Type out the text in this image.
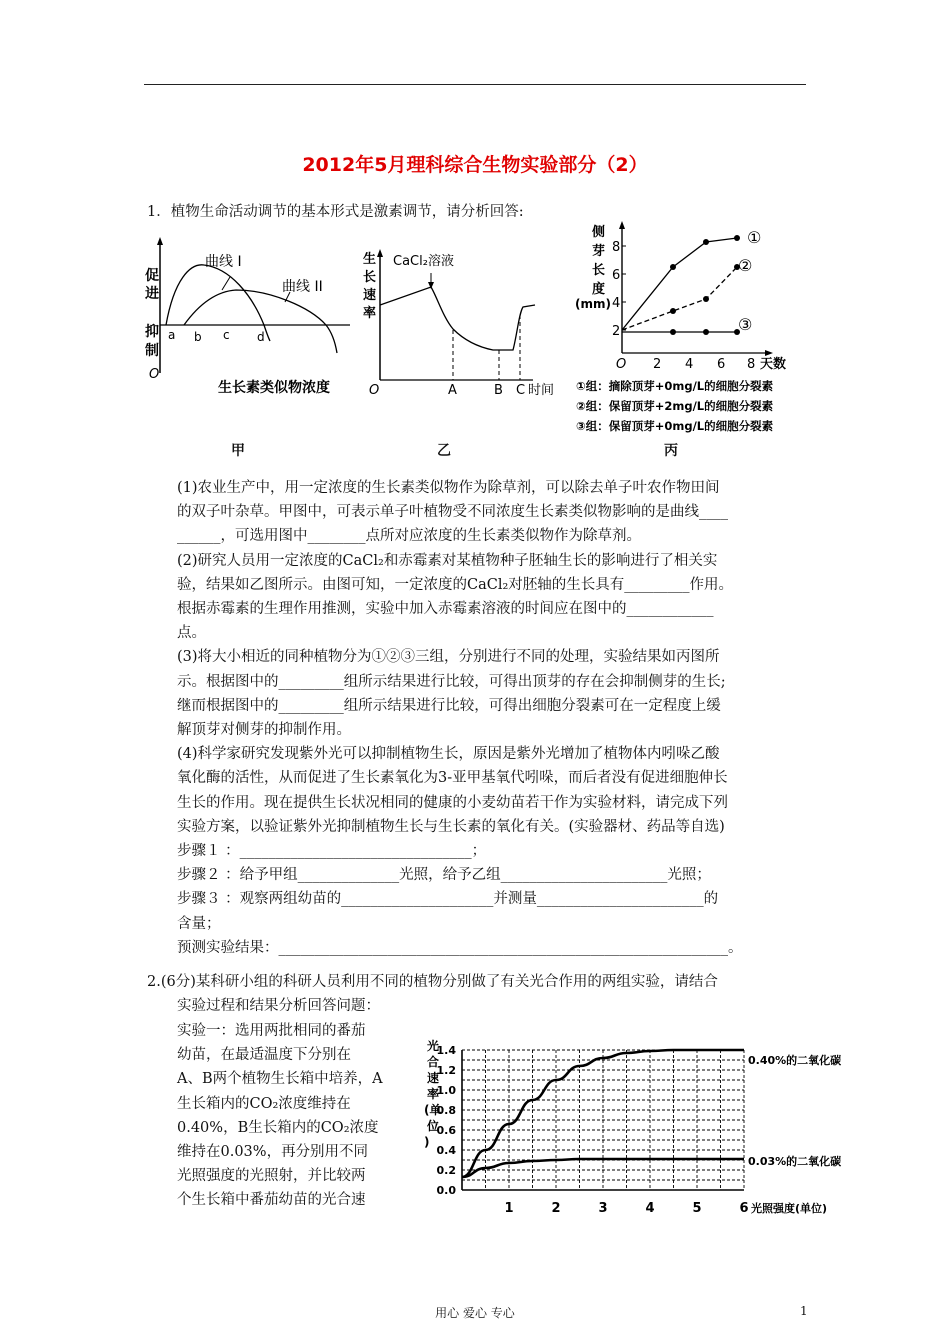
2012年5月理科综合生物实验部分（2）
1．植物生命活动调节的基本形式是激素调节，请分析回答:
曲线 I
曲线 II
促
进
抑
制
O
a b c d
生长素类似物浓度
甲
生
长
速
率
CaCl₂溶液
O	A	B C 时间
乙
①
②
③
侧
芽
长
度
(mm)
8
6
4
2
O 2 4 6 8 天数
①组：摘除顶芽+0mg/L的细胞分裂素
②组：保留顶芽+2mg/L的细胞分裂素
③组：保留顶芽+0mg/L的细胞分裂素
丙

(1)农业生产中，用一定浓度的生长素类似物作为除草剂，可以除去单子叶农作物田间

的双子叶杂草。甲图中，可表示单子叶植物受不同浓度生长素类似物影响的是曲线____

______，可选用图中________点所对应浓度的生长素类似物作为除草剂。

(2)研究人员用一定浓度的CaCl₂和赤霉素对某植物种子胚轴生长的影响进行了相关实

验，结果如乙图所示。由图可知，一定浓度的CaCl₂对胚轴的生长具有_________作用。

根据赤霉素的生理作用推测，实验中加入赤霉素溶液的时间应在图中的____________

点。

(3)将大小相近的同种植物分为①②③三组，分别进行不同的处理，实验结果如丙图所

示。根据图中的_________组所示结果进行比较，可得出顶芽的存在会抑制侧芽的生长;

继而根据图中的_________组所示结果进行比较，可得出细胞分裂素可在一定程度上缓

解顶芽对侧芽的抑制作用。

(4)科学家研究发现紫外光可以抑制植物生长，原因是紫外光增加了植物体内吲哚乙酸

氧化酶的活性，从而促进了生长素氧化为3-亚甲基氧代吲哚，而后者没有促进细胞伸长

生长的作用。现在提供生长状况相同的健康的小麦幼苗若干作为实验材料，请完成下列

实验方案，以验证紫外光抑制植物生长与生长素的氧化有关。(实验器材、药品等自选)

步骤１ ：________________________________；

步骤２ ：给予甲组______________光照，给予乙组_______________________光照；

步骤３ ：观察两组幼苗的_____________________并测量_______________________的

含量；

预测实验结果：______________________________________________________________。

2.(6分)某科研小组的科研人员利用不同的植物分别做了有关光合作用的两组实验，请结合
实验过程和结果分析回答问题：

实验一：选用两批相同的番茄

幼苗，在最适温度下分别在

A、B两个植物生长箱中培养，A

生长箱内的CO₂浓度维持在

0.40%，B生长箱内的CO₂浓度

维持在0.03%，再分别用不同

光照强度的光照射，并比较两

个生长箱中番茄幼苗的光合速

0.0
0.2
0.4
0.6
0.8
1.0
1.2
1.4
1	2	3	4	5	6
光
合
速
率
(单
位
)
光照强度(单位)
0.40%的二氧化碳
0.03%的二氧化碳
用心 爱心 专心	1
